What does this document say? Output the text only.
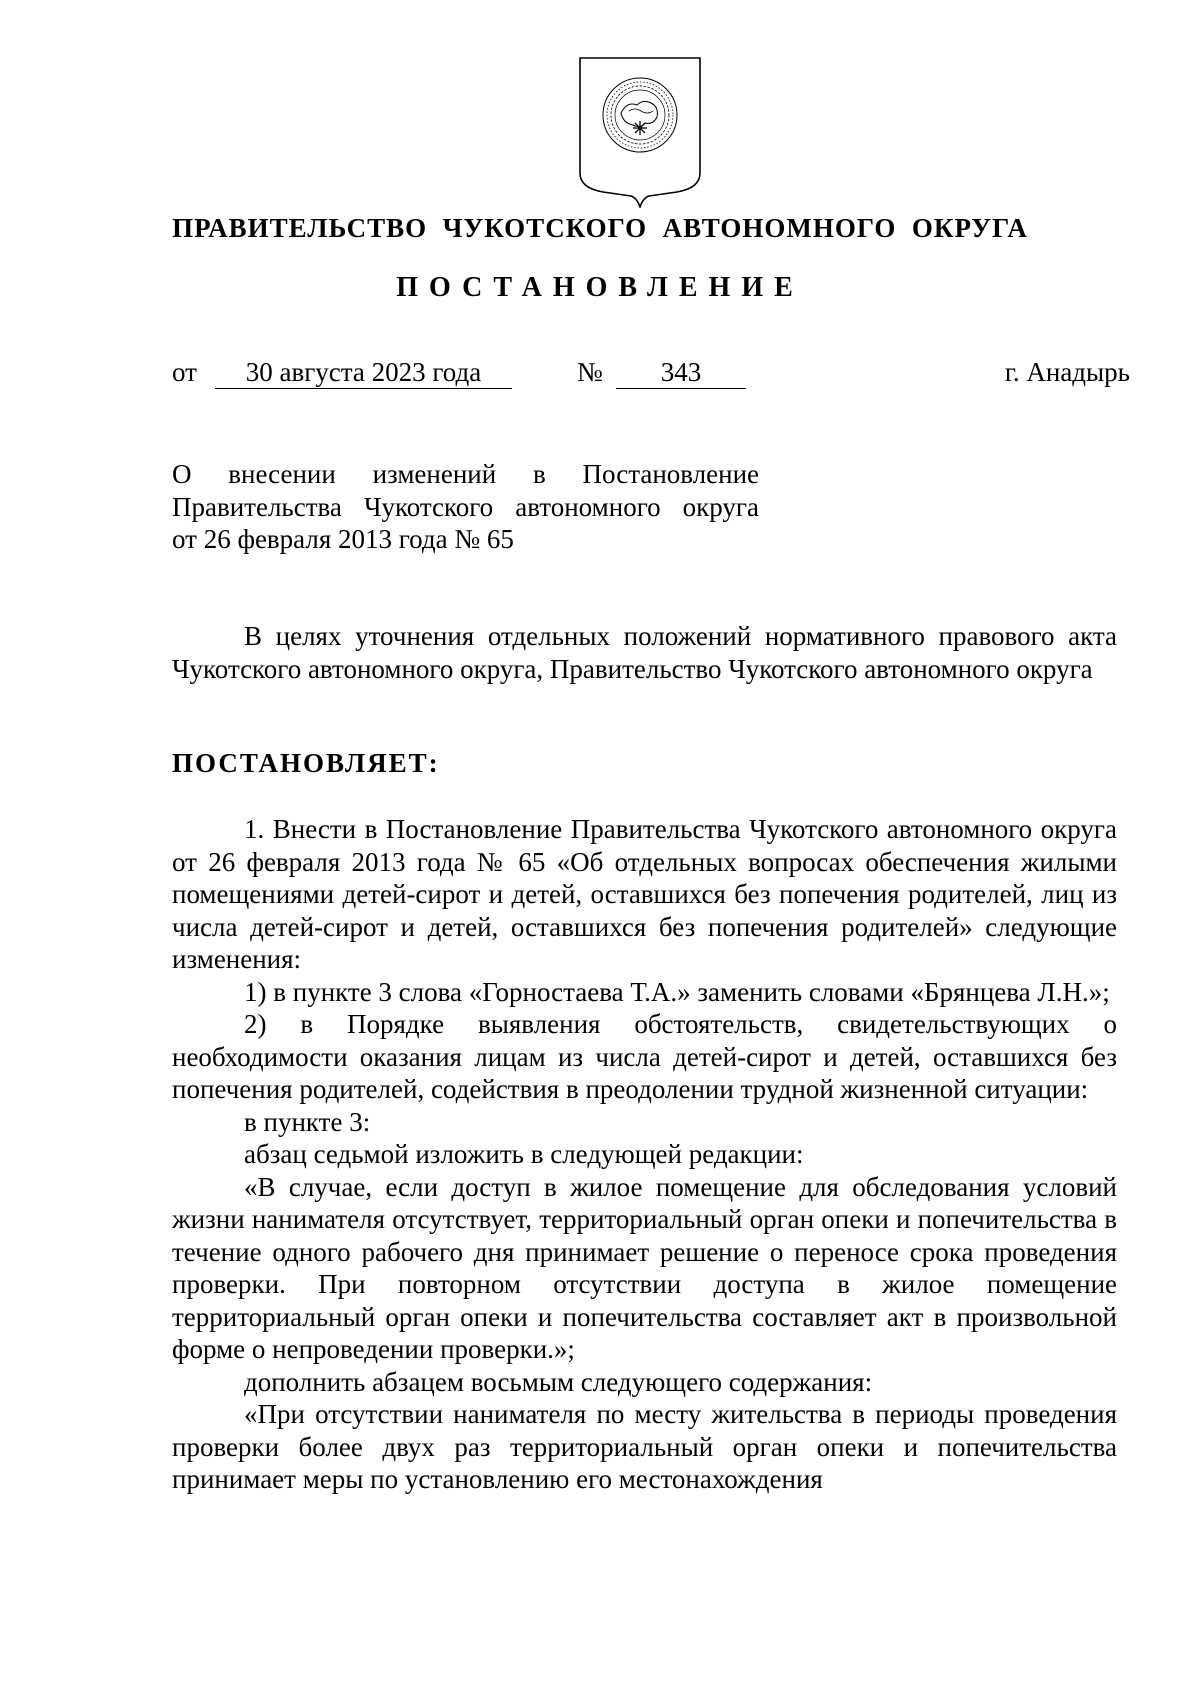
ПРАВИТЕЛЬСТВО  ЧУКОТСКОГО  АВТОНОМНОГО  ОКРУГА
ПОСТАНОВЛЕНИЕ
от	30 августа 2023 года	№	343	г. Анадырь
О внесении изменений в Постановление
Правительства Чукотского автономного округа
от 26 февраля 2013 года № 65

В целях уточнения отдельных положений нормативного правового акта Чукотского автономного округа, Правительство Чукотского автономного округа

ПОСТАНОВЛЯЕТ:

1. Внести в Постановление Правительства Чукотского автономного округа от 26 февраля 2013 года № 65 «Об отдельных вопросах обеспечения жилыми помещениями детей-сирот и детей, оставшихся без попечения родителей, лиц из числа детей-сирот и детей, оставшихся без попечения родителей» следующие изменения:

1) в пункте 3 слова «Горностаева Т.А.» заменить словами «Брянцева Л.Н.»;

2) в Порядке выявления обстоятельств, свидетельствующих о необходимости оказания лицам из числа детей-сирот и детей, оставшихся без попечения родителей, содействия в преодолении трудной жизненной ситуации:

в пункте 3:

абзац седьмой изложить в следующей редакции:

«В случае, если доступ в жилое помещение для обследования условий жизни нанимателя отсутствует, территориальный орган опеки и попечительства в течение одного рабочего дня принимает решение о переносе срока проведения проверки. При повторном отсутствии доступа в жилое помещение территориальный орган опеки и попечительства составляет акт в произвольной форме о непроведении проверки.»;

дополнить абзацем восьмым следующего содержания:

«При отсутствии нанимателя по месту жительства в периоды проведения проверки более двух раз территориальный орган опеки и попечительства принимает меры по установлению его местонахождения
